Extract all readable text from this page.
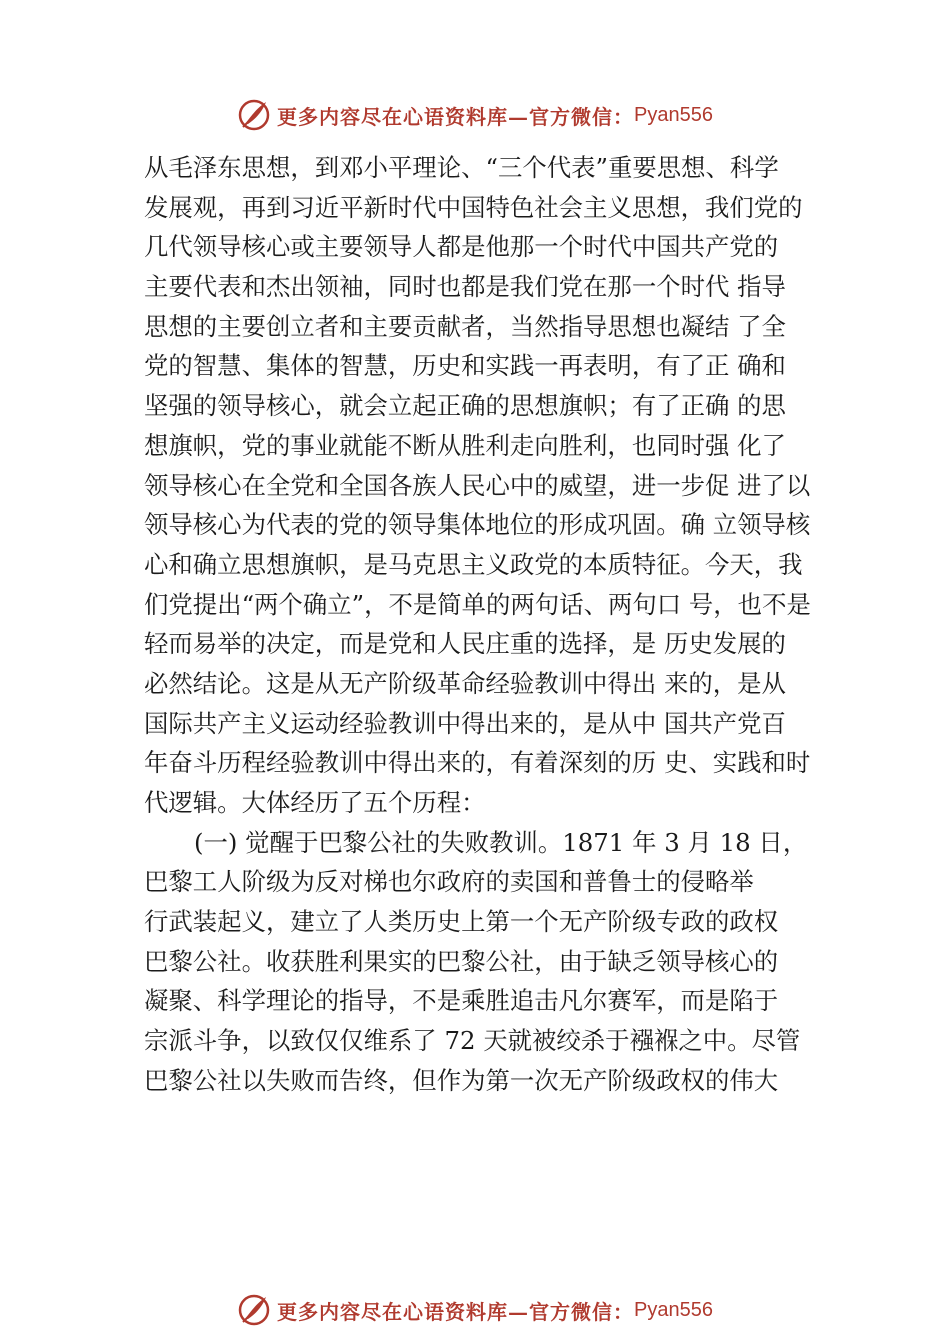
更多内容尽在心语资料库—官方微信： Pyan556
从毛泽东思想，到邓小平理论、“三个代表”重要思想、科学
发展观，再到习近平新时代中国特色社会主义思想，我们党的
几代领导核心或主要领导人都是他那一个时代中国共产党的
主要代表和杰出领袖，同时也都是我们党在那一个时代 指导
思想的主要创立者和主要贡献者，当然指导思想也凝结 了全
党的智慧、集体的智慧，历史和实践一再表明，有了正 确和
坚强的领导核心，就会立起正确的思想旗帜；有了正确 的思
想旗帜，党的事业就能不断从胜利走向胜利，也同时强 化了
领导核心在全党和全国各族人民心中的威望，进一步促 进了以
领导核心为代表的党的领导集体地位的形成巩固。确 立领导核
心和确立思想旗帜，是马克思主义政党的本质特征。今天，我
们党提出“两个确立”，不是简单的两句话、两句口 号，也不是
轻而易举的决定，而是党和人民庄重的选择，是 历史发展的
必然结论。这是从无产阶级革命经验教训中得出 来的，是从
国际共产主义运动经验教训中得出来的，是从中 国共产党百
年奋斗历程经验教训中得出来的，有着深刻的历 史、实践和时
代逻辑。大体经历了五个历程：
(一) 觉醒于巴黎公社的失败教训。1871 年 3 月 18 日，
巴黎工人阶级为反对梯也尔政府的卖国和普鲁士的侵略举
行武装起义，建立了人类历史上第一个无产阶级专政的政权
巴黎公社。收获胜利果实的巴黎公社，由于缺乏领导核心的
凝聚、科学理论的指导，不是乘胜追击凡尔赛军，而是陷于
宗派斗争，以致仅仅维系了 72 天就被绞杀于襁褓之中。尽管
巴黎公社以失败而告终，但作为第一次无产阶级政权的伟大
更多内容尽在心语资料库—官方微信： Pyan556
